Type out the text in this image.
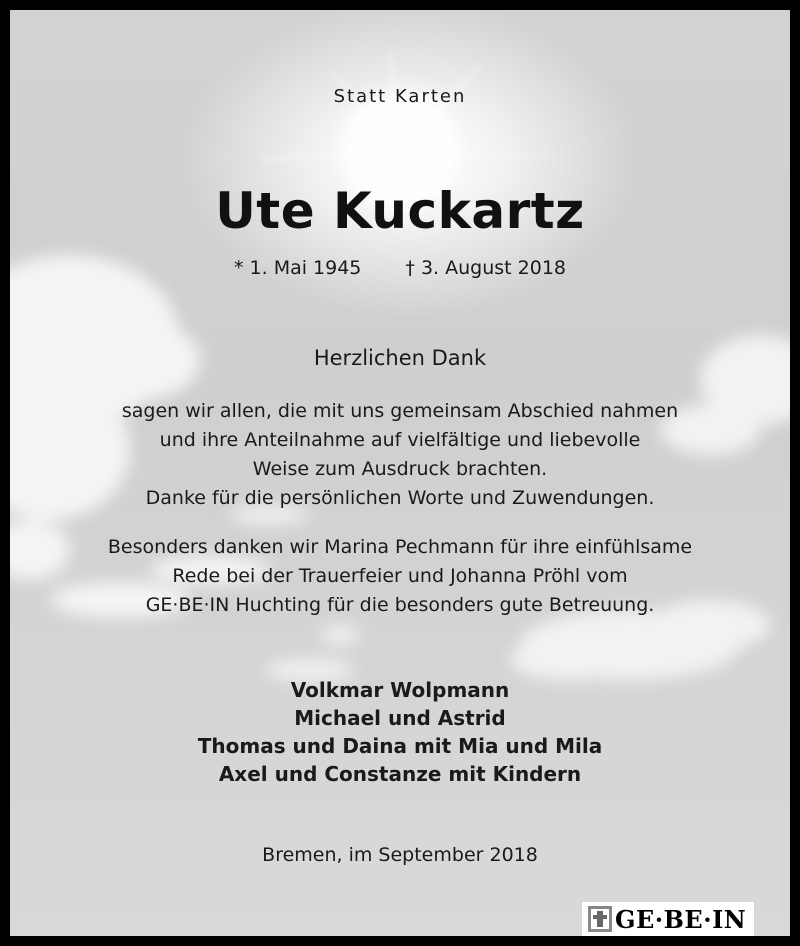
Statt Karten

Ute Kuckartz

* 1. Mai 1945 † 3. August 2018

Herzlichen Dank

sagen wir allen, die mit uns gemeinsam Abschied nahmen
und ihre Anteilnahme auf vielfältige und liebevolle
Weise zum Ausdruck brachten.
Danke für die persönlichen Worte und Zuwendungen.

Besonders danken wir Marina Pechmann für ihre einfühlsame
Rede bei der Trauerfeier und Johanna Pröhl vom
GE·BE·IN Huchting für die besonders gute Betreuung.

Volkmar Wolpmann
Michael und Astrid
Thomas und Daina mit Mia und Mila
Axel und Constanze mit Kindern

Bremen, im September 2018

GE·BE·IN
